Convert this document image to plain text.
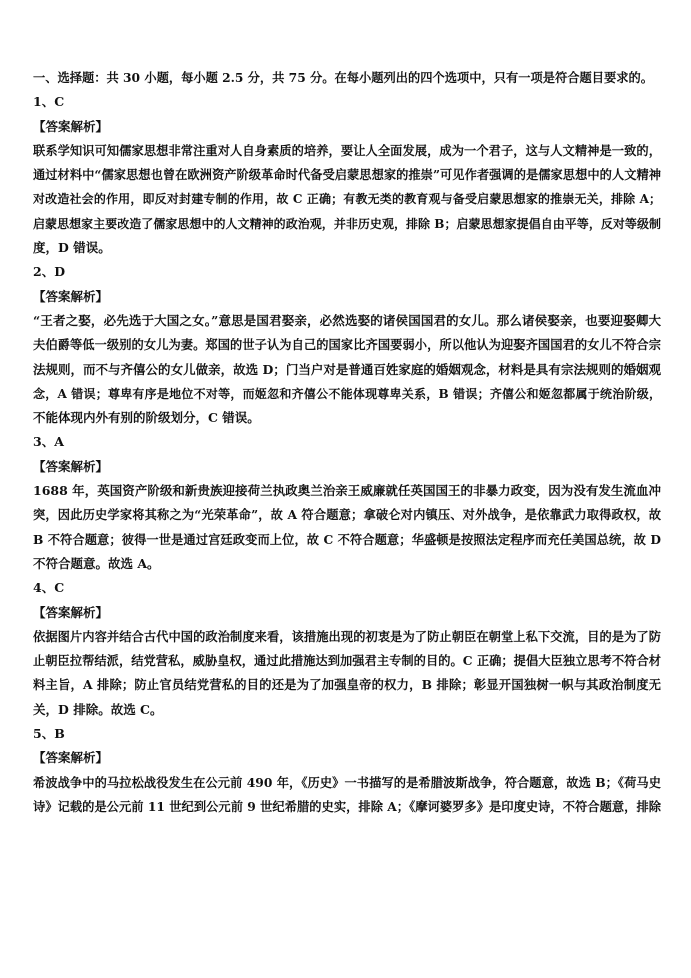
一、选择题：共 30 小题，每小题 2.5 分，共 75 分。在每小题列出的四个选项中，只有一项是符合题目要求的。
1、C
【答案解析】
联系学知识可知儒家思想非常注重对人自身素质的培养，要让人全面发展，成为一个君子，这与人文精神是一致的，
通过材料中“儒家思想也曾在欧洲资产阶级革命时代备受启蒙思想家的推崇”可见作者强调的是儒家思想中的人文精神
对改造社会的作用，即反对封建专制的作用，故 C 正确；有教无类的教育观与备受启蒙思想家的推崇无关，排除 A；
启蒙思想家主要改造了儒家思想中的人文精神的政治观，并非历史观，排除 B；启蒙思想家提倡自由平等，反对等级制
度，D 错误。
2、D
【答案解析】
“王者之娶，必先选于大国之女。”意思是国君娶亲，必然选娶的诸侯国国君的女儿。那么诸侯娶亲，也要迎娶卿大
夫伯爵等低一级别的女儿为妻。郑国的世子认为自己的国家比齐国要弱小，所以他认为迎娶齐国国君的女儿不符合宗
法规则，而不与齐僖公的女儿做亲，故选 D；门当户对是普通百姓家庭的婚姻观念，材料是具有宗法规则的婚姻观
念，A 错误；尊卑有序是地位不对等，而姬忽和齐僖公不能体现尊卑关系，B 错误；齐僖公和姬忽都属于统治阶级，
不能体现内外有别的阶级划分，C 错误。
3、A
【答案解析】
1688 年，英国资产阶级和新贵族迎接荷兰执政奥兰治亲王威廉就任英国国王的非暴力政变，因为没有发生流血冲
突，因此历史学家将其称之为“光荣革命”，故 A 符合题意；拿破仑对内镇压、对外战争，是依靠武力取得政权，故
B 不符合题意；彼得一世是通过宫廷政变而上位，故 C 不符合题意；华盛顿是按照法定程序而充任美国总统，故 D
不符合题意。故选 A。
4、C
【答案解析】
依据图片内容并结合古代中国的政治制度来看，该措施出现的初衷是为了防止朝臣在朝堂上私下交流，目的是为了防
止朝臣拉帮结派，结党营私，威胁皇权，通过此措施达到加强君主专制的目的。C 正确；提倡大臣独立思考不符合材
料主旨，A 排除；防止官员结党营私的目的还是为了加强皇帝的权力，B 排除；彰显开国独树一帜与其政治制度无
关，D 排除。故选 C。
5、B
【答案解析】
希波战争中的马拉松战役发生在公元前 490 年，《历史》一书描写的是希腊波斯战争，符合题意，故选 B；《荷马史
诗》记载的是公元前 11 世纪到公元前 9 世纪希腊的史实，排除 A；《摩诃婆罗多》是印度史诗，不符合题意，排除
